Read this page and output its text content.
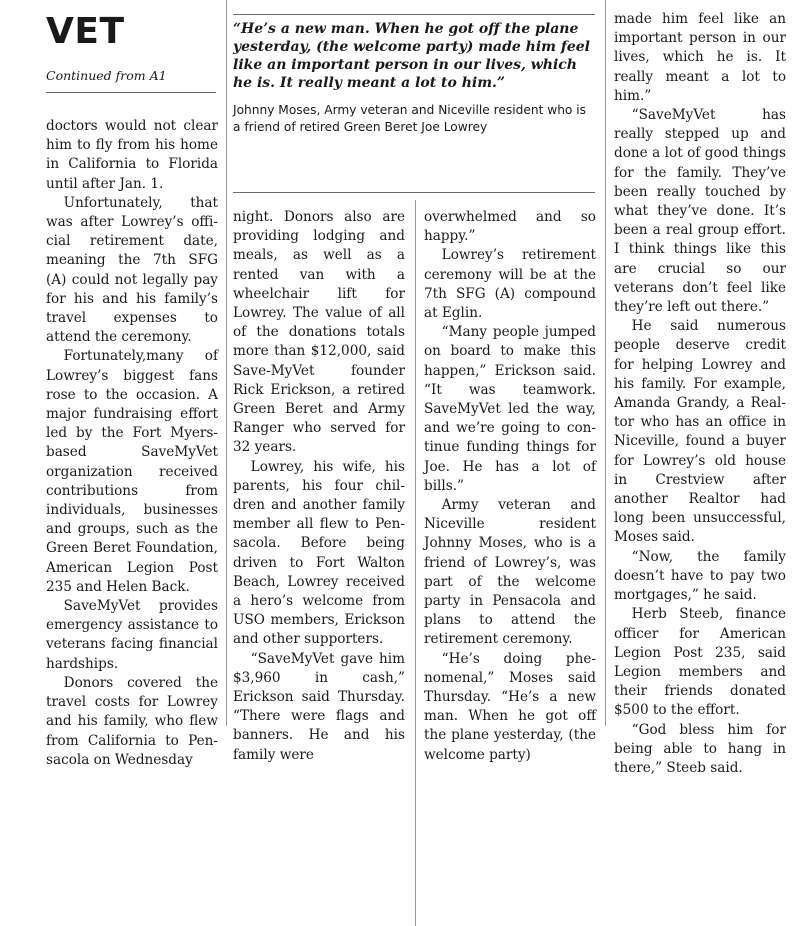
VET
Continued from A1
“He’s a new man. When he got off the plane yesterday, (the welcome party) made him feel like an important person in our lives, which he is. It really meant a lot to him.”
Johnny Moses, Army veteran and Niceville resident who is a friend of retired Green Beret Joe Lowrey

doctors would not clear him to fly from his home in California to Florida until after Jan. 1.

Unfortunately, that was after Lowrey’s official retirement date, meaning the 7th SFG (A) could not legally pay for his and his family’s travel expenses to attend the ceremony.

Fortunately,many of Lowrey’s biggest fans rose to the occasion. A major fundraising effort led by the Fort Myers-based SaveMyVet organization received contributions from individuals, businesses and groups, such as the Green Beret Foundation, American Legion Post 235 and Helen Back.

SaveMyVet provides emergency assistance to veterans facing financial hardships.

Donors covered the travel costs for Lowrey and his family, who flew from California to Pensacola on Wednesday

night. Donors also are providing lodging and meals, as well as a rented van with a wheelchair lift for Lowrey. The value of all of the donations totals more than $12,000, said Save-MyVet founder Rick Erickson, a retired Green Beret and Army Ranger who served for 32 years.

Lowrey, his wife, his parents, his four children and another family member all flew to Pensacola. Before being driven to Fort Walton Beach, Lowrey received a hero’s welcome from USO members, Erickson and other supporters.

“SaveMyVet gave him $3,960 in cash,” Erickson said Thursday. “There were flags and banners. He and his family were

overwhelmed and so happy.”

Lowrey’s retirement ceremony will be at the 7th SFG (A) compound at Eglin.

“Many people jumped on board to make this happen,” Erickson said. “It was teamwork. SaveMyVet led the way, and we’re going to continue funding things for Joe. He has a lot of bills.”

Army veteran and Niceville resident Johnny Moses, who is a friend of Lowrey’s, was part of the welcome party in Pensacola and plans to attend the retirement ceremony.

“He’s doing phenomenal,” Moses said Thursday. “He’s a new man. When he got off the plane yesterday, (the welcome party)

made him feel like an important person in our lives, which he is. It really meant a lot to him.”

“SaveMyVet has really stepped up and done a lot of good things for the family. They’ve been really touched by what they’ve done. It’s been a real group effort. I think things like this are crucial so our veterans don’t feel like they’re left out there.”

He said numerous people deserve credit for helping Lowrey and his family. For example, Amanda Grandy, a Realtor who has an office in Niceville, found a buyer for Lowrey’s old house in Crestview after another Realtor had long been unsuccessful, Moses said.

“Now, the family doesn’t have to pay two mortgages,” he said.

Herb Steeb, finance officer for American Legion Post 235, said Legion members and their friends donated $500 to the effort.

“God bless him for being able to hang in there,” Steeb said.
